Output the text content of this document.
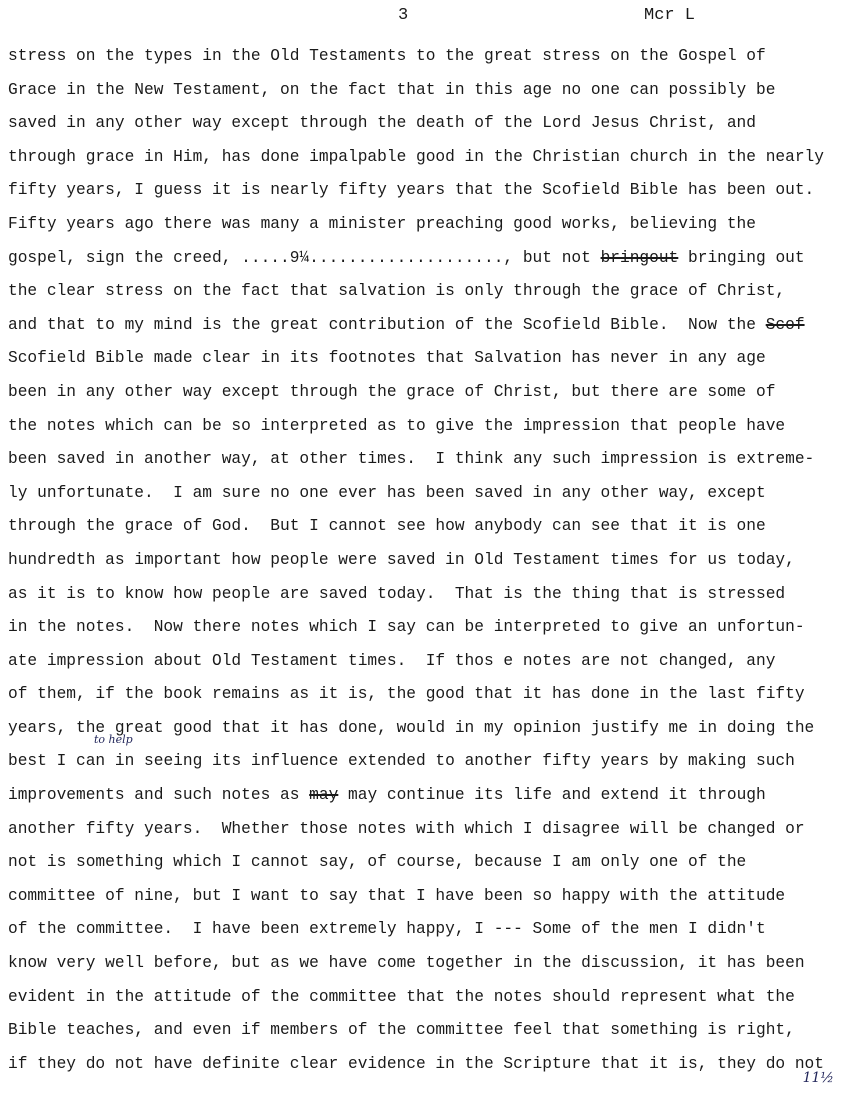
3	Mcr L
stress on the types in the Old Testaments to the great stress on the Gospel of
Grace in the New Testament, on the fact that in this age no one can possibly be
saved in any other way except through the death of the Lord Jesus Christ, and
through grace in Him, has done impalpable good in the Christian church in the nearly
fifty years, I guess it is nearly fifty years that the Scofield Bible has been out.
Fifty years ago there was many a minister preaching good works, believing the
gospel, sign the creed, .....9¼...................., but not bringout bringing out
the clear stress on the fact that salvation is only through the grace of Christ,
and that to my mind is the great contribution of the Scofield Bible.  Now the Scof
Scofield Bible made clear in its footnotes that Salvation has never in any age
been in any other way except through the grace of Christ, but there are some of
the notes which can be so interpreted as to give the impression that people have
been saved in another way, at other times.  I think any such impression is extreme-
ly unfortunate.  I am sure no one ever has been saved in any other way, except
through the grace of God.  But I cannot see how anybody can see that it is one
hundredth as important how people were saved in Old Testament times for us today,
as it is to know how people are saved today.  That is the thing that is stressed
in the notes.  Now there notes which I say can be interpreted to give an unfortun-
ate impression about Old Testament times.  If thos e notes are not changed, any
of them, if the book remains as it is, the good that it has done in the last fifty
years, the great good that it has done, would in my opinion justify me in doing the
to help
best I can in seeing its influence extended to another fifty years by making such
improvements and such notes as may may continue its life and extend it through
another fifty years.  Whether those notes with which I disagree will be changed or
not is something which I cannot say, of course, because I am only one of the
committee of nine, but I want to say that I have been so happy with the attitude
of the committee.  I have been extremely happy, I --- Some of the men I didn't
know very well before, but as we have come together in the discussion, it has been
evident in the attitude of the committee that the notes should represent what the
Bible teaches, and even if members of the committee feel that something is right,
if they do not have definite clear evidence in the Scripture that it is, they do not
11½
